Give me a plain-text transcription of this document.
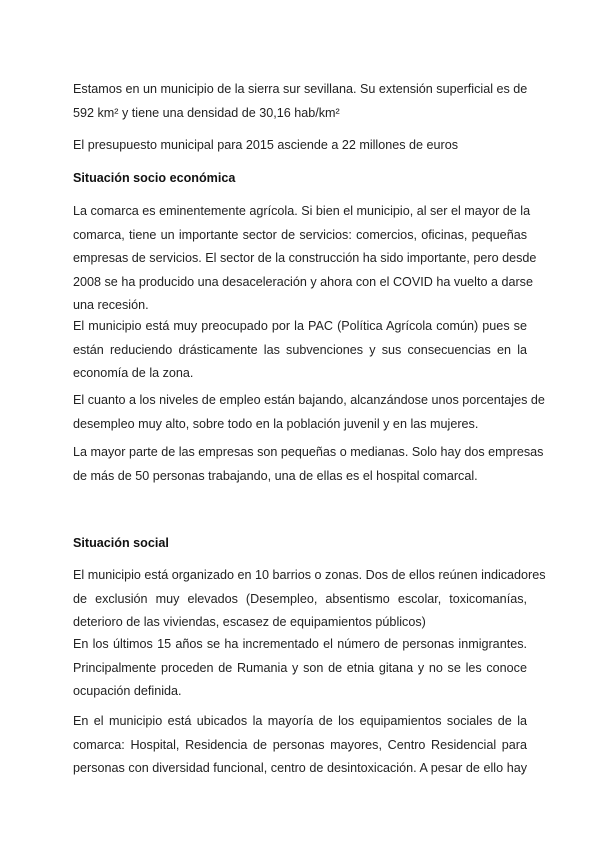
Estamos en un municipio de la sierra sur sevillana. Su extensión superficial es de
592 km² y tiene una densidad de 30,16 hab/km²

El presupuesto municipal para 2015 asciende a 22 millones de euros

Situación socio económica

La comarca es eminentemente agrícola. Si bien el municipio, al ser el mayor de la
comarca, tiene un importante sector de servicios: comercios, oficinas, pequeñas
empresas de servicios. El sector de la construcción ha sido importante, pero desde
2008 se ha producido una desaceleración y ahora con el COVID ha vuelto a darse
una recesión.

El municipio está muy preocupado por la PAC (Política Agrícola común) pues se
están reduciendo drásticamente las subvenciones y sus consecuencias en la
economía de la zona.

El cuanto a los niveles de empleo están bajando, alcanzándose unos porcentajes de
desempleo muy alto, sobre todo en la población juvenil y en las mujeres.

La mayor parte de las empresas son pequeñas o medianas. Solo hay dos empresas
de más de 50 personas trabajando, una de ellas es el hospital comarcal.

Situación social

El municipio está organizado en 10 barrios o zonas. Dos de ellos reúnen indicadores
de exclusión muy elevados (Desempleo, absentismo escolar, toxicomanías,
deterioro de las viviendas, escasez de equipamientos públicos)

En los últimos 15 años se ha incrementado el número de personas inmigrantes.
Principalmente proceden de Rumania y son de etnia gitana y no se les conoce
ocupación definida.

En el municipio está ubicados la mayoría de los equipamientos sociales de la
comarca: Hospital, Residencia de personas mayores, Centro Residencial para
personas con diversidad funcional, centro de desintoxicación. A pesar de ello hay
